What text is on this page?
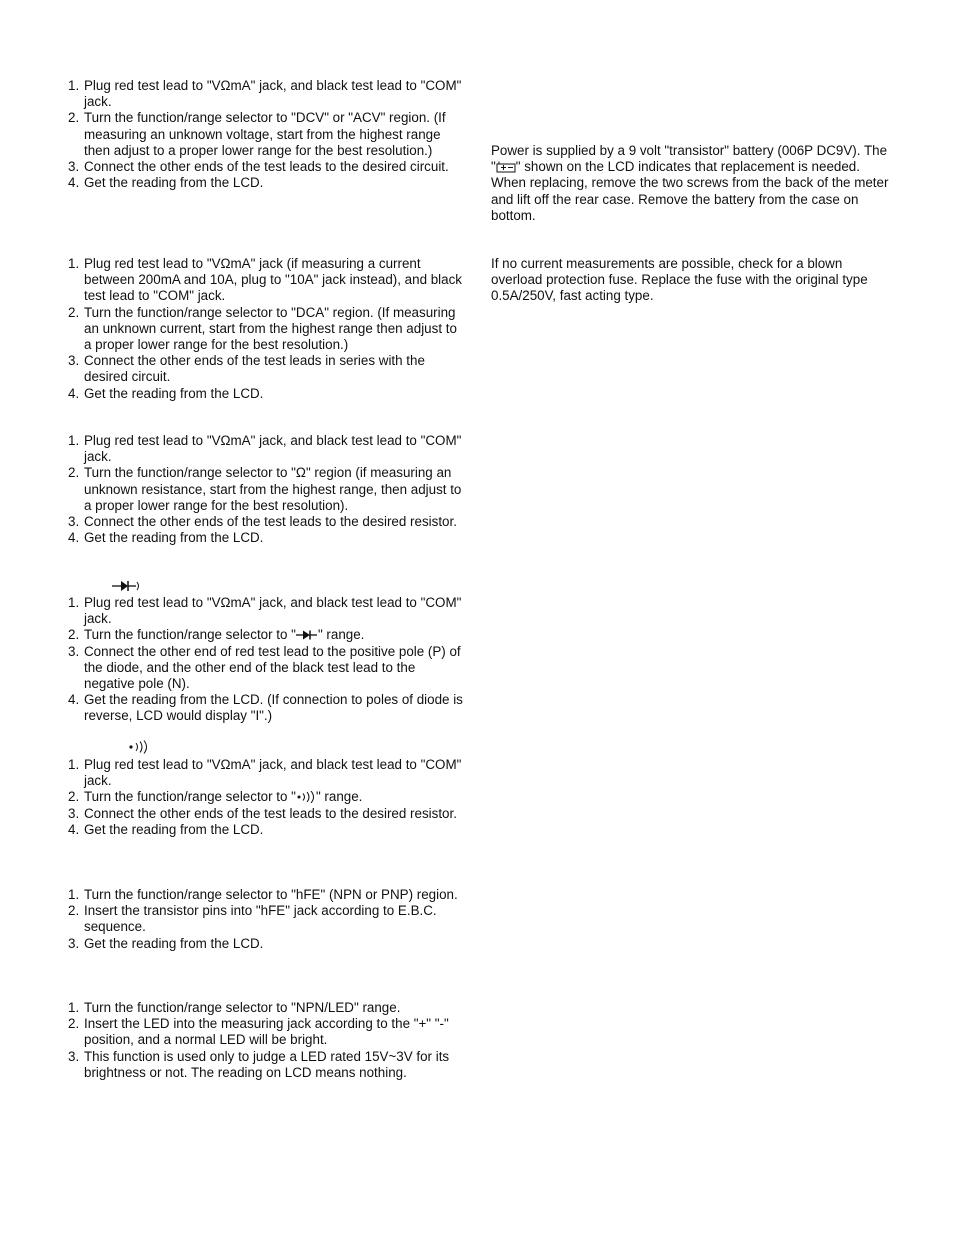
1. Plug red test lead to "VΩmA" jack, and black test lead to "COM" jack.
2. Turn the function/range selector to "DCV" or "ACV" region. (If measuring an unknown voltage, start from the highest range then adjust to a proper lower range for the best resolution.)
3. Connect the other ends of the test leads to the desired circuit.
4. Get the reading from the LCD.
1. Plug red test lead to "VΩmA" jack (if measuring a current between 200mA and 10A, plug to "10A" jack instead), and black test lead to "COM" jack.
2. Turn the function/range selector to "DCA" region. (If measuring an unknown current, start from the highest range then adjust to a proper lower range for the best resolution.)
3. Connect the other ends of the test leads in series with the desired circuit.
4. Get the reading from the LCD.
1. Plug red test lead to "VΩmA" jack, and black test lead to "COM" jack.
2. Turn the function/range selector to "Ω" region (if measuring an unknown resistance, start from the highest range, then adjust to a proper lower range for the best resolution).
3. Connect the other ends of the test leads to the desired resistor.
4. Get the reading from the LCD.
1. Plug red test lead to "VΩmA" jack, and black test lead to "COM" jack.
2. Turn the function/range selector to " " range.
3. Connect the other end of red test lead to the positive pole (P) of the diode, and the other end of the black test lead to the negative pole (N).
4. Get the reading from the LCD. (If connection to poles of diode is reverse, LCD would display "I".)
1. Plug red test lead to "VΩmA" jack, and black test lead to "COM" jack.
2. Turn the function/range selector to " " range.
3. Connect the other ends of the test leads to the desired resistor.
4. Get the reading from the LCD.
1. Turn the function/range selector to "hFE" (NPN or PNP) region.
2. Insert the transistor pins into "hFE" jack according to E.B.C. sequence.
3. Get the reading from the LCD.
1. Turn the function/range selector to "NPN/LED" range.
2. Insert the LED into the measuring jack according to the "+" "-" position, and a normal LED will be bright.
3. This function is used only to judge a LED rated 15V~3V for its brightness or not. The reading on LCD means nothing.

Power is supplied by a 9 volt "transistor" battery (006P DC9V). The " " shown on the LCD indicates that replacement is needed. When replacing, remove the two screws from the back of the meter and lift off the rear case. Remove the battery from the case on bottom.

If no current measurements are possible, check for a blown overload protection fuse. Replace the fuse with the original type 0.5A/250V, fast acting type.
